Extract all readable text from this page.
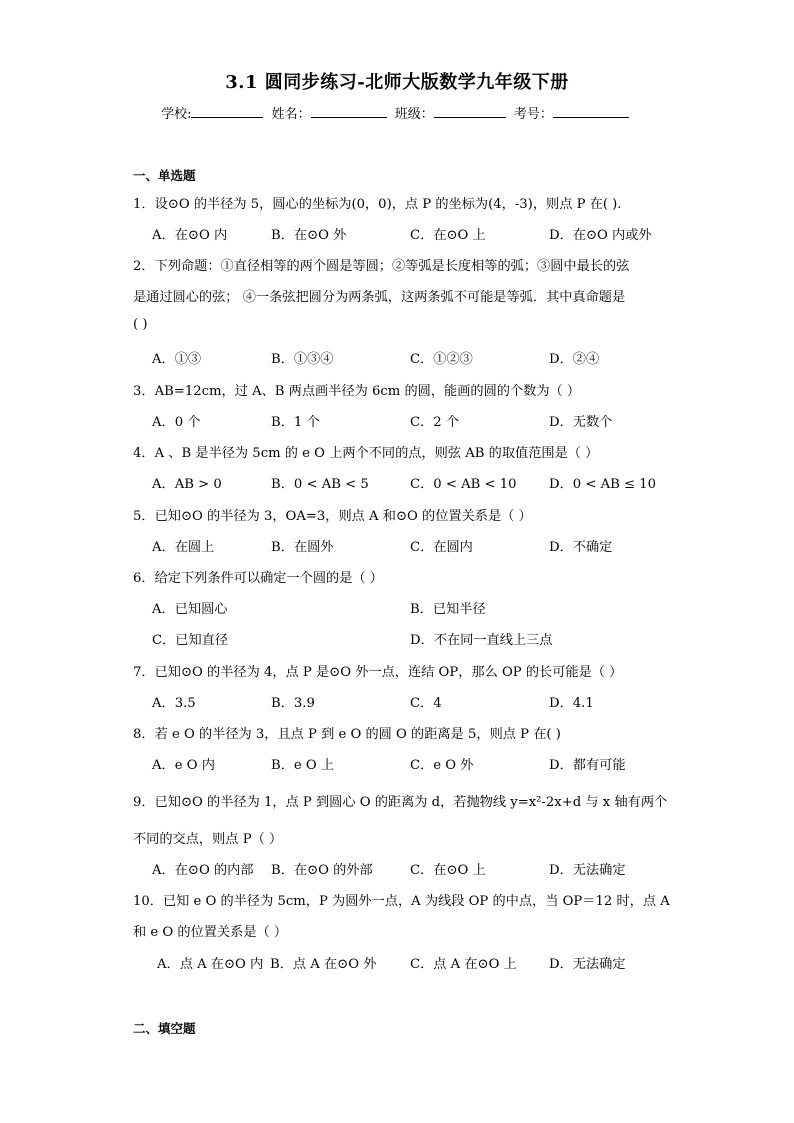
3.1 圆同步练习-北师大版数学九年级下册
学校:	姓名：	班级：	考号：
一、单选题
1．设⊙O 的半径为 5，圆心的坐标为(0，0)，点 P 的坐标为(4，-3)，则点 P 在( ).
A．在⊙O 内	B．在⊙O 外	C．在⊙O 上	D．在⊙O 内或外
2．下列命题：①直径相等的两个圆是等圆；②等弧是长度相等的弧；③圆中最长的弦
是通过圆心的弦； ④一条弦把圆分为两条弧，这两条弧不可能是等弧．其中真命题是
( )
A．①③	B．①③④	C．①②③	D．②④
3．AB=12cm，过 A、B 两点画半径为 6cm 的圆，能画的圆的个数为（ ）
A．0 个	B．1 个	C．2 个	D．无数个
4．A 、B 是半径为 5cm 的 e O 上两个不同的点，则弦 AB 的取值范围是（ ）
A．AB > 0	B．0 < AB < 5	C．0 < AB < 10 D．0 < AB ≤ 10
5．已知⊙O 的半径为 3，OA=3，则点 A 和⊙O 的位置关系是（ ）
A．在圆上	B．在圆外	C．在圆内	D．不确定
6．给定下列条件可以确定一个圆的是（ ）
A．已知圆心	B．已知半径
C．已知直径	D．不在同一直线上三点
7．已知⊙O 的半径为 4，点 P 是⊙O 外一点，连结 OP，那么 OP 的长可能是（ ）
A．3.5	B．3.9	C．4	D．4.1
8．若 e O 的半径为 3，且点 P 到 e O 的圆 O 的距离是 5，则点 P 在( )
A．e O 内	B．e O 上	C．e O 外	D．都有可能
9．已知⊙O 的半径为 1，点 P 到圆心 O 的距离为 d，若抛物线 y=x²-2x+d 与 x 轴有两个
不同的交点，则点 P（ ）
A．在⊙O 的内部 B．在⊙O 的外部	C．在⊙O 上	D．无法确定
10．已知 e O 的半径为 5cm，P 为圆外一点，A 为线段 OP 的中点，当 OP＝12 时，点 A
和 e O 的位置关系是（ ）
A．点 A 在⊙O 内 B．点 A 在⊙O 外	C．点 A 在⊙O 上 D．无法确定
二、填空题
